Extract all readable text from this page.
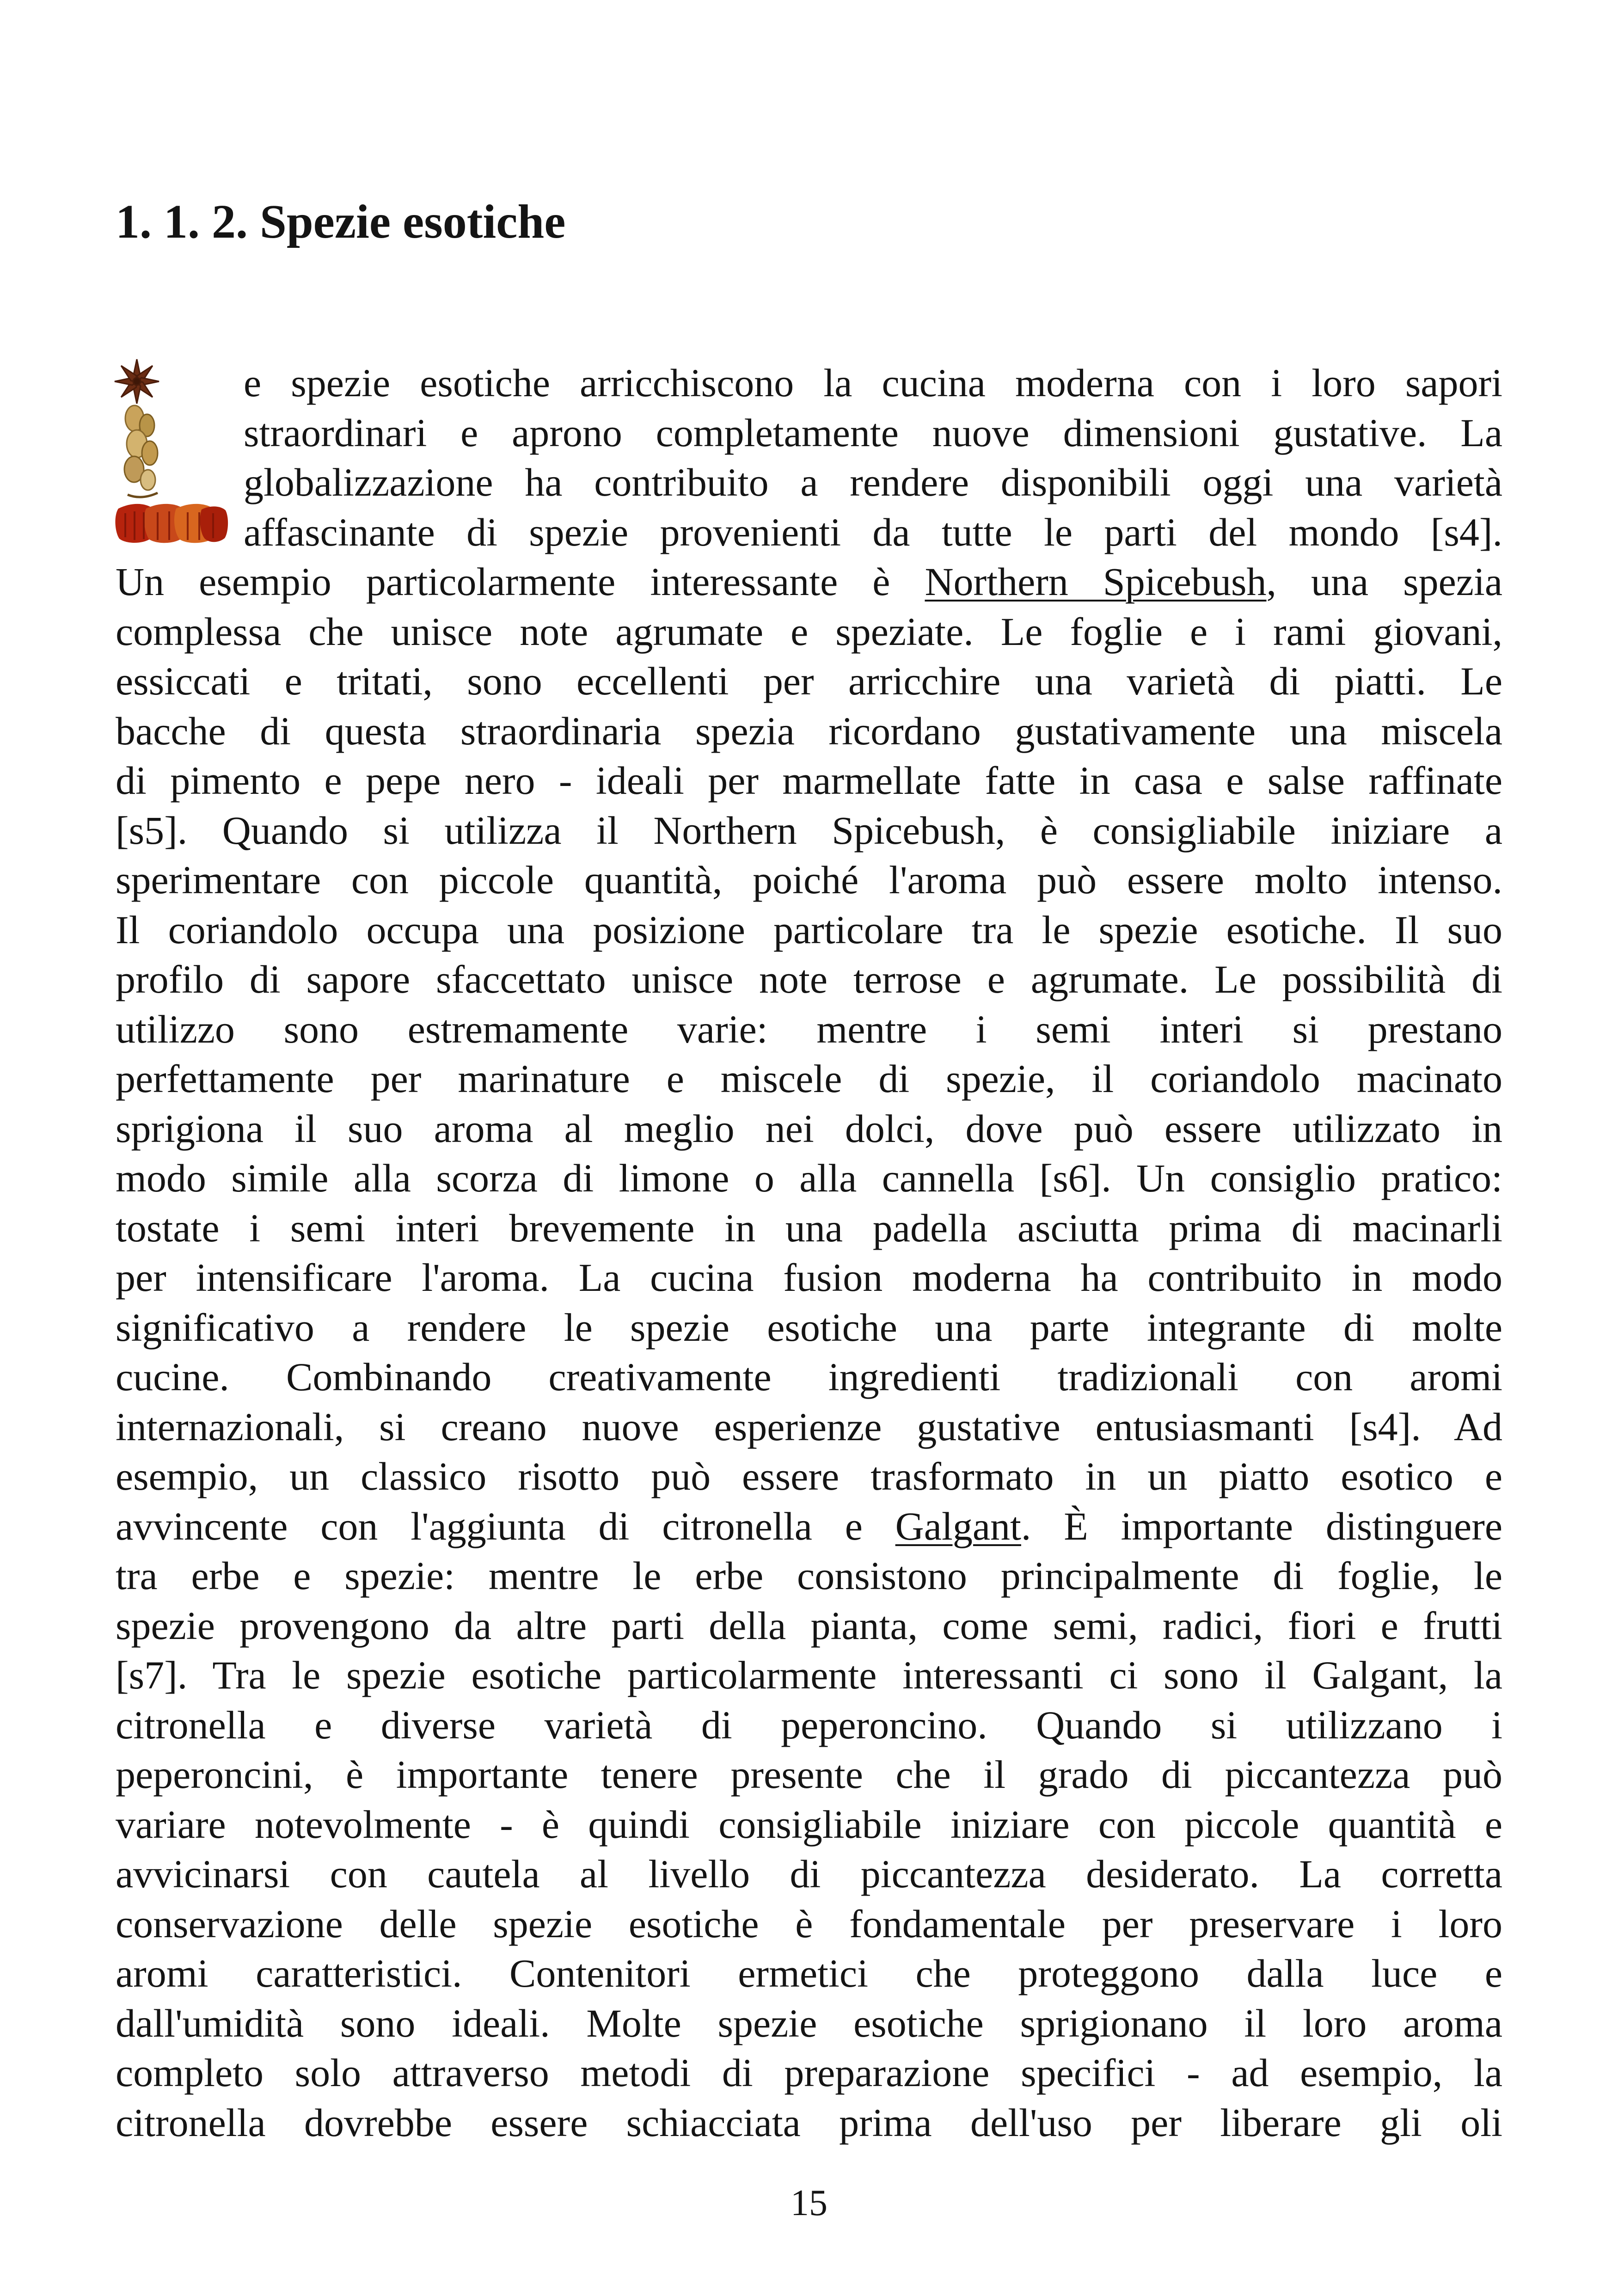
1. 1. 2. Spezie esotiche
e spezie esotiche arricchiscono la cucina moderna con i loro sapori
straordinari e aprono completamente nuove dimensioni gustative. La
globalizzazione ha contribuito a rendere disponibili oggi una varietà
affascinante di spezie provenienti da tutte le parti del mondo [s4].
Un esempio particolarmente interessante è Northern Spicebush, una spezia
complessa che unisce note agrumate e speziate. Le foglie e i rami giovani,
essiccati e tritati, sono eccellenti per arricchire una varietà di piatti. Le
bacche di questa straordinaria spezia ricordano gustativamente una miscela
di pimento e pepe nero - ideali per marmellate fatte in casa e salse raffinate
[s5]. Quando si utilizza il Northern Spicebush, è consigliabile iniziare a
sperimentare con piccole quantità, poiché l'aroma può essere molto intenso.
Il coriandolo occupa una posizione particolare tra le spezie esotiche. Il suo
profilo di sapore sfaccettato unisce note terrose e agrumate. Le possibilità di
utilizzo sono estremamente varie: mentre i semi interi si prestano
perfettamente per marinature e miscele di spezie, il coriandolo macinato
sprigiona il suo aroma al meglio nei dolci, dove può essere utilizzato in
modo simile alla scorza di limone o alla cannella [s6]. Un consiglio pratico:
tostate i semi interi brevemente in una padella asciutta prima di macinarli
per intensificare l'aroma. La cucina fusion moderna ha contribuito in modo
significativo a rendere le spezie esotiche una parte integrante di molte
cucine. Combinando creativamente ingredienti tradizionali con aromi
internazionali, si creano nuove esperienze gustative entusiasmanti [s4]. Ad
esempio, un classico risotto può essere trasformato in un piatto esotico e
avvincente con l'aggiunta di citronella e Galgant. È importante distinguere
tra erbe e spezie: mentre le erbe consistono principalmente di foglie, le
spezie provengono da altre parti della pianta, come semi, radici, fiori e frutti
[s7]. Tra le spezie esotiche particolarmente interessanti ci sono il Galgant, la
citronella e diverse varietà di peperoncino. Quando si utilizzano i
peperoncini, è importante tenere presente che il grado di piccantezza può
variare notevolmente - è quindi consigliabile iniziare con piccole quantità e
avvicinarsi con cautela al livello di piccantezza desiderato. La corretta
conservazione delle spezie esotiche è fondamentale per preservare i loro
aromi caratteristici. Contenitori ermetici che proteggono dalla luce e
dall'umidità sono ideali. Molte spezie esotiche sprigionano il loro aroma
completo solo attraverso metodi di preparazione specifici - ad esempio, la
citronella dovrebbe essere schiacciata prima dell'uso per liberare gli oli
15
